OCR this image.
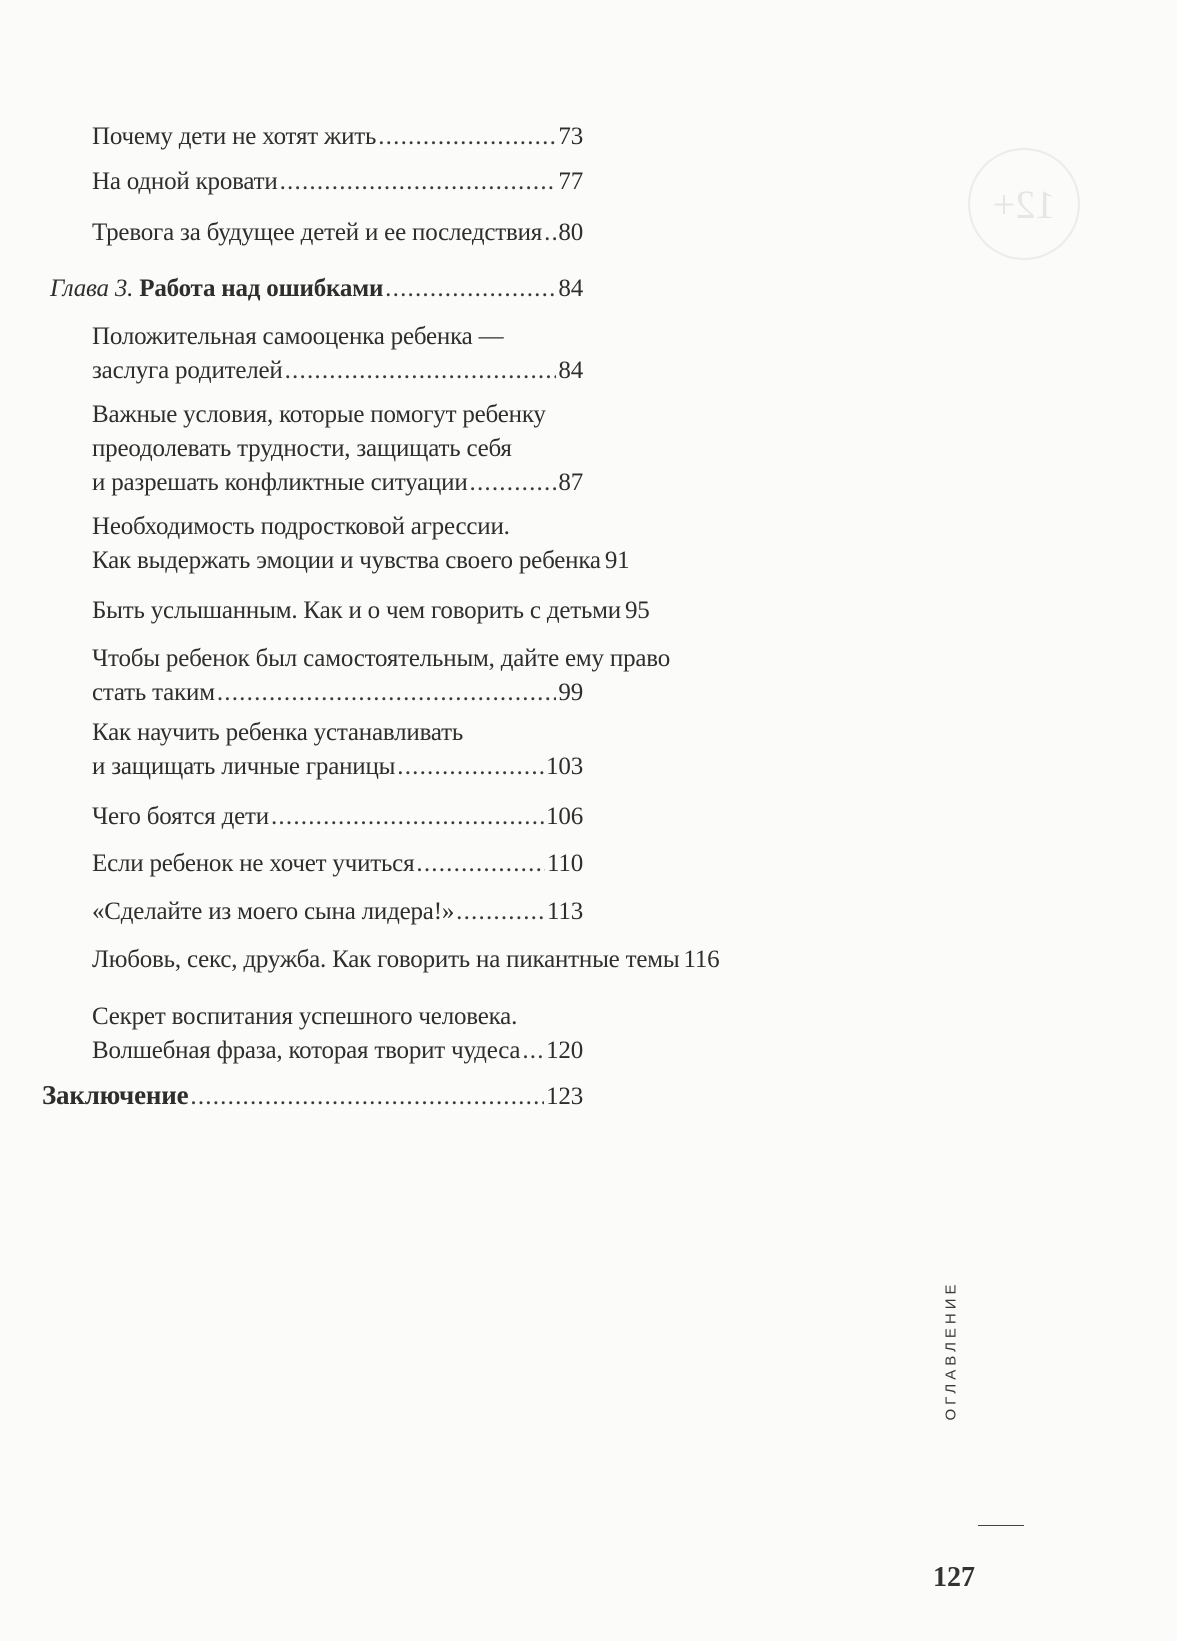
12+
Почему дети не хотят жить .....	73
На одной кровати .....	77
Тревога за будущее детей и ее последствия ..... 80
Глава 3. Работа над ошибками .....	84
Положительная самооценка ребенка —
заслуга родителей .....	84
Важные условия, которые помогут ребенку
преодолевать трудности, защищать себя
и разрешать конфликтные ситуации .....	87
Необходимость подростковой агрессии.
Как выдержать эмоции и чувства своего ребенка 91
Быть услышанным. Как и о чем говорить с детьми 95
Чтобы ребенок был самостоятельным, дайте ему право
стать таким .....	99
Как научить ребенка устанавливать
и защищать личные границы .....	103
Чего боятся дети .....	106
Если ребенок не хочет учиться .....	110
«Сделайте из моего сына лидера!» .....	113
Любовь, секс, дружба. Как говорить на пикантные темы 116
Секрет воспитания успешного человека.
Волшебная фраза, которая творит чудеса ..... 120
Заключение .....	123
ОГЛАВЛЕНИЕ
127
